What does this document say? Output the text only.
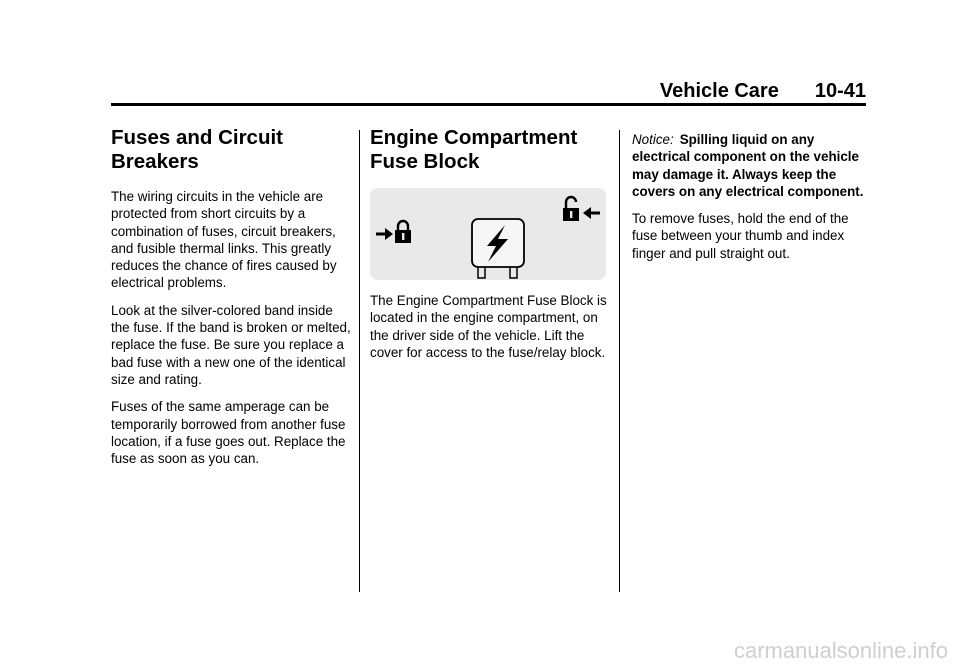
Vehicle Care 10-41
Fuses and Circuit Breakers

The wiring circuits in the vehicle are protected from short circuits by a combination of fuses, circuit breakers, and fusible thermal links. This greatly reduces the chance of fires caused by electrical problems.

Look at the silver-colored band inside the fuse. If the band is broken or melted, replace the fuse. Be sure you replace a bad fuse with a new one of the identical size and rating.

Fuses of the same amperage can be temporarily borrowed from another fuse location, if a fuse goes out. Replace the fuse as soon as you can.

Engine Compartment Fuse Block

The Engine Compartment Fuse Block is located in the engine compartment, on the driver side of the vehicle. Lift the cover for access to the fuse/relay block.

Notice: Spilling liquid on any electrical component on the vehicle may damage it. Always keep the covers on any electrical component.

To remove fuses, hold the end of the fuse between your thumb and index finger and pull straight out.

carmanualsonline.info
